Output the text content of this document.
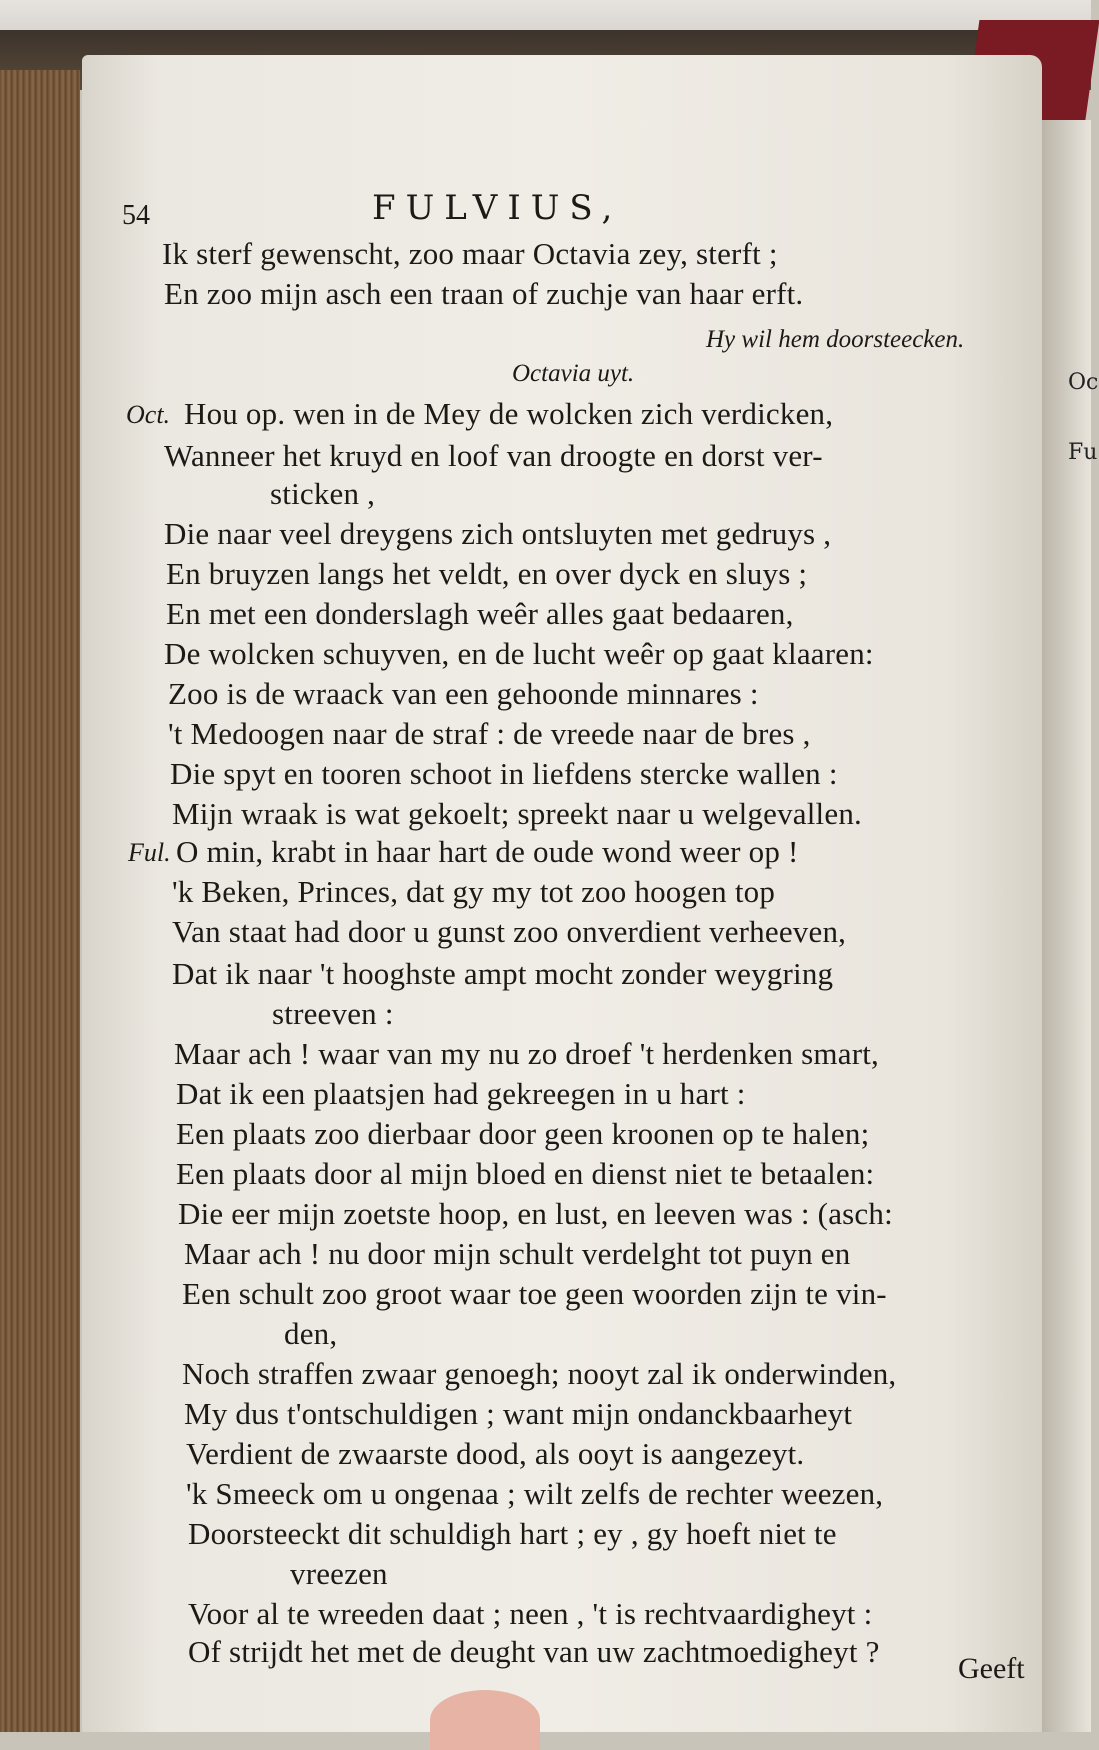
Oc
Fu
54	FULVIUS,
Ik sterf gewenscht, zoo maar Octavia zey, sterft ;
En zoo mijn asch een traan of zuchje van haar erft.
Hy wil hem doorsteecken.
Octavia uyt.
Oct. Hou op. wen in de Mey de wolcken zich verdicken,
Wanneer het kruyd en loof van droogte en dorst ver-
sticken ,
Die naar veel dreygens zich ontsluyten met gedruys ,
En bruyzen langs het veldt, en over dyck en sluys ;
En met een donderslagh weêr alles gaat bedaaren,
De wolcken schuyven, en de lucht weêr op gaat klaaren:
Zoo is de wraack van een gehoonde minnares :
't Medoogen naar de straf : de vreede naar de bres ,
Die spyt en tooren schoot in liefdens stercke wallen :
Mijn wraak is wat gekoelt; spreekt naar u welgevallen.
Ful. O min, krabt in haar hart de oude wond weer op !
'k Beken, Princes, dat gy my tot zoo hoogen top
Van staat had door u gunst zoo onverdient verheeven,
Dat ik naar 't hooghste ampt mocht zonder weygring
streeven :
Maar ach ! waar van my nu zo droef 't herdenken smart,
Dat ik een plaatsjen had gekreegen in u hart :
Een plaats zoo dierbaar door geen kroonen op te halen;
Een plaats door al mijn bloed en dienst niet te betaalen:
Die eer mijn zoetste hoop, en lust, en leeven was : (asch:
Maar ach ! nu door mijn schult verdelght tot puyn en
Een schult zoo groot waar toe geen woorden zijn te vin-
den,
Noch straffen zwaar genoegh; nooyt zal ik onderwinden,
My dus t'ontschuldigen ; want mijn ondanckbaarheyt
Verdient de zwaarste dood, als ooyt is aangezeyt.
'k Smeeck om u ongenaa ; wilt zelfs de rechter weezen,
Doorsteeckt dit schuldigh hart ; ey , gy hoeft niet te
vreezen
Voor al te wreeden daat ; neen , 't is rechtvaardigheyt :
Of strijdt het met de deught van uw zachtmoedigheyt ?	Geeft
